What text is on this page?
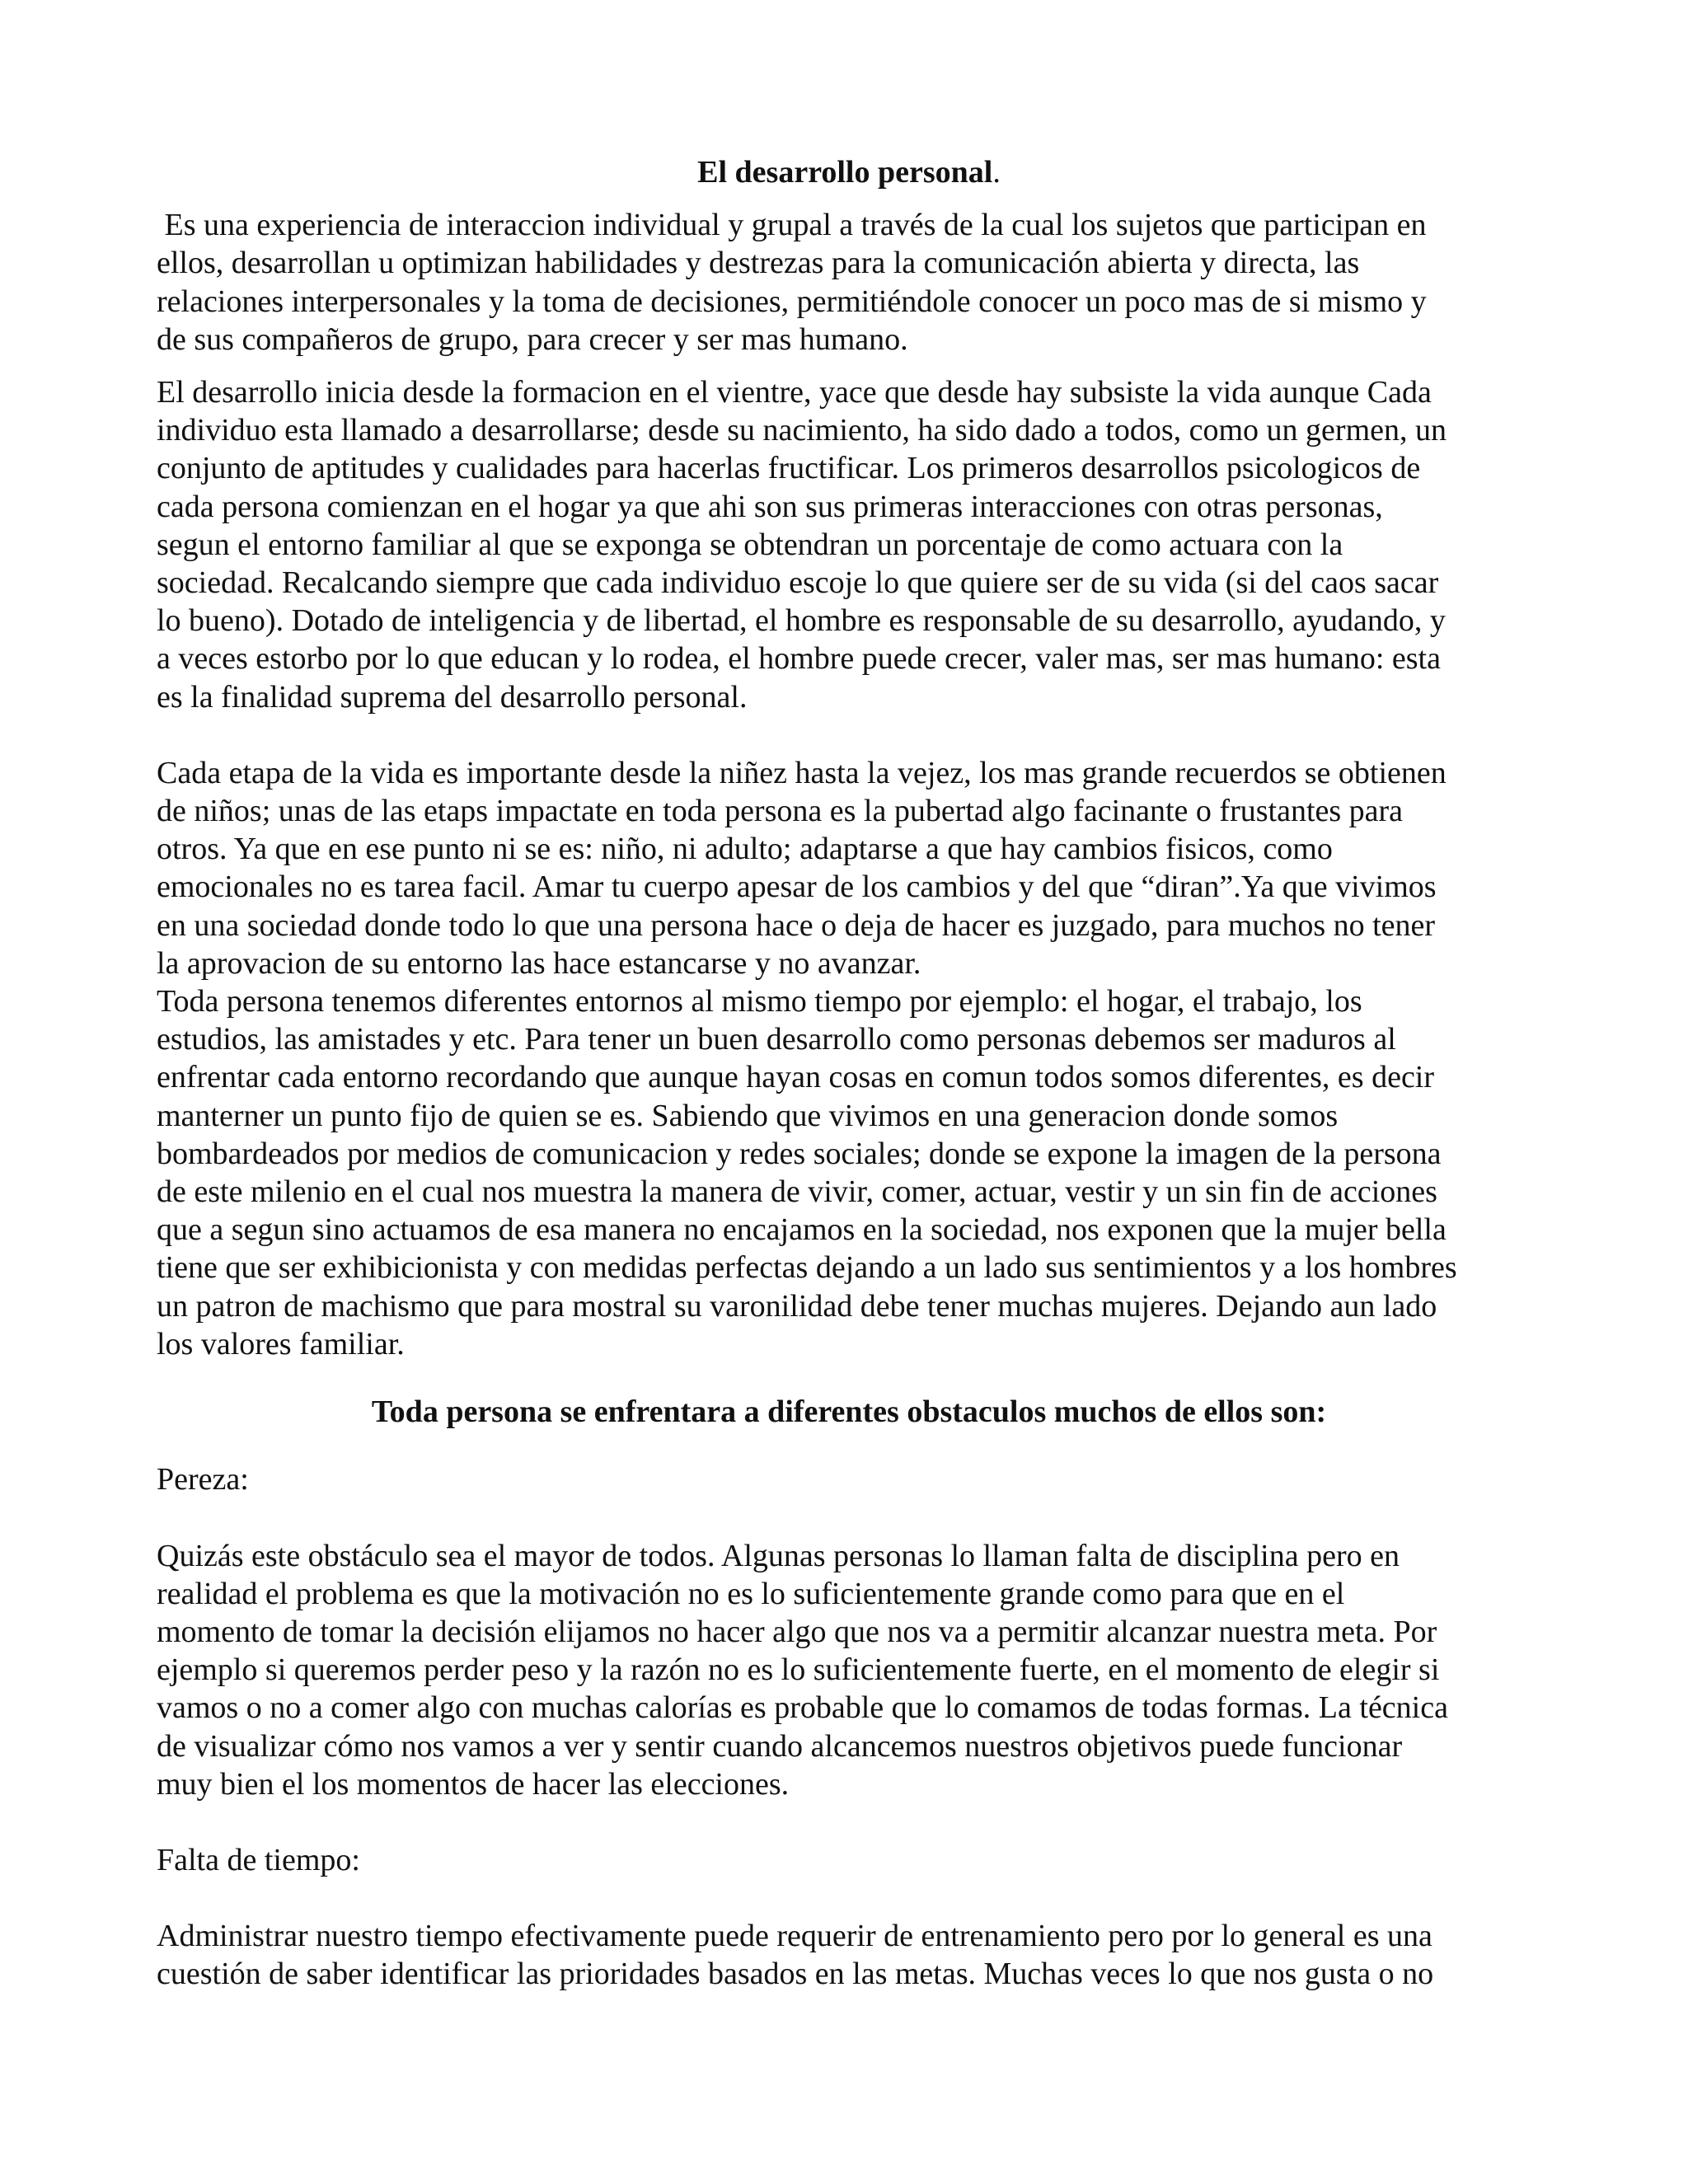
El desarrollo personal.

Es una experiencia de interaccion individual y grupal a través de la cual los sujetos que participan en

ellos, desarrollan u optimizan habilidades y destrezas para la comunicación abierta y directa, las

relaciones interpersonales y la toma de decisiones, permitiéndole conocer un poco mas de si mismo y

de sus compañeros de grupo, para crecer y ser mas humano.

El desarrollo inicia desde la formacion en el vientre, yace que desde hay subsiste la vida aunque Cada

individuo esta llamado a desarrollarse; desde su nacimiento, ha sido dado a todos, como un germen, un

conjunto de aptitudes y cualidades para hacerlas fructificar. Los primeros desarrollos psicologicos de

cada persona comienzan en el hogar ya que ahi son sus primeras interacciones con otras personas,

segun el entorno familiar al que se exponga se obtendran un porcentaje de como actuara con la

sociedad. Recalcando siempre que cada individuo escoje lo que quiere ser de su vida (si del caos sacar

lo bueno). Dotado de inteligencia y de libertad, el hombre es responsable de su desarrollo, ayudando, y

a veces estorbo por lo que educan y lo rodea, el hombre puede crecer, valer mas, ser mas humano: esta

es la finalidad suprema del desarrollo personal.

Cada etapa de la vida es importante desde la niñez hasta la vejez, los mas grande recuerdos se obtienen

de niños; unas de las etaps impactate en toda persona es la pubertad algo facinante o frustantes para

otros. Ya que en ese punto ni se es: niño, ni adulto; adaptarse a que hay cambios fisicos, como

emocionales no es tarea facil. Amar tu cuerpo apesar de los cambios y del que “diran”.Ya que vivimos

en una sociedad donde todo lo que una persona hace o deja de hacer es juzgado, para muchos no tener

la aprovacion de su entorno las hace estancarse y no avanzar.

Toda persona tenemos diferentes entornos al mismo tiempo por ejemplo: el hogar, el trabajo, los

estudios, las amistades y etc. Para tener un buen desarrollo como personas debemos ser maduros al

enfrentar cada entorno recordando que aunque hayan cosas en comun todos somos diferentes, es decir

manterner un punto fijo de quien se es. Sabiendo que vivimos en una generacion donde somos

bombardeados por medios de comunicacion y redes sociales; donde se expone la imagen de la persona

de este milenio en el cual nos muestra la manera de vivir, comer, actuar, vestir y un sin fin de acciones

que a segun sino actuamos de esa manera no encajamos en la sociedad, nos exponen que la mujer bella

tiene que ser exhibicionista y con medidas perfectas dejando a un lado sus sentimientos y a los hombres

un patron de machismo que para mostral su varonilidad debe tener muchas mujeres. Dejando aun lado

los valores familiar.

Toda persona se enfrentara a diferentes obstaculos muchos de ellos son:

Pereza:

Quizás este obstáculo sea el mayor de todos. Algunas personas lo llaman falta de disciplina pero en

realidad el problema es que la motivación no es lo suficientemente grande como para que en el

momento de tomar la decisión elijamos no hacer algo que nos va a permitir alcanzar nuestra meta. Por

ejemplo si queremos perder peso y la razón no es lo suficientemente fuerte, en el momento de elegir si

vamos o no a comer algo con muchas calorías es probable que lo comamos de todas formas. La técnica

de visualizar cómo nos vamos a ver y sentir cuando alcancemos nuestros objetivos puede funcionar

muy bien el los momentos de hacer las elecciones.

Falta de tiempo:

Administrar nuestro tiempo efectivamente puede requerir de entrenamiento pero por lo general es una

cuestión de saber identificar las prioridades basados en las metas. Muchas veces lo que nos gusta o no
